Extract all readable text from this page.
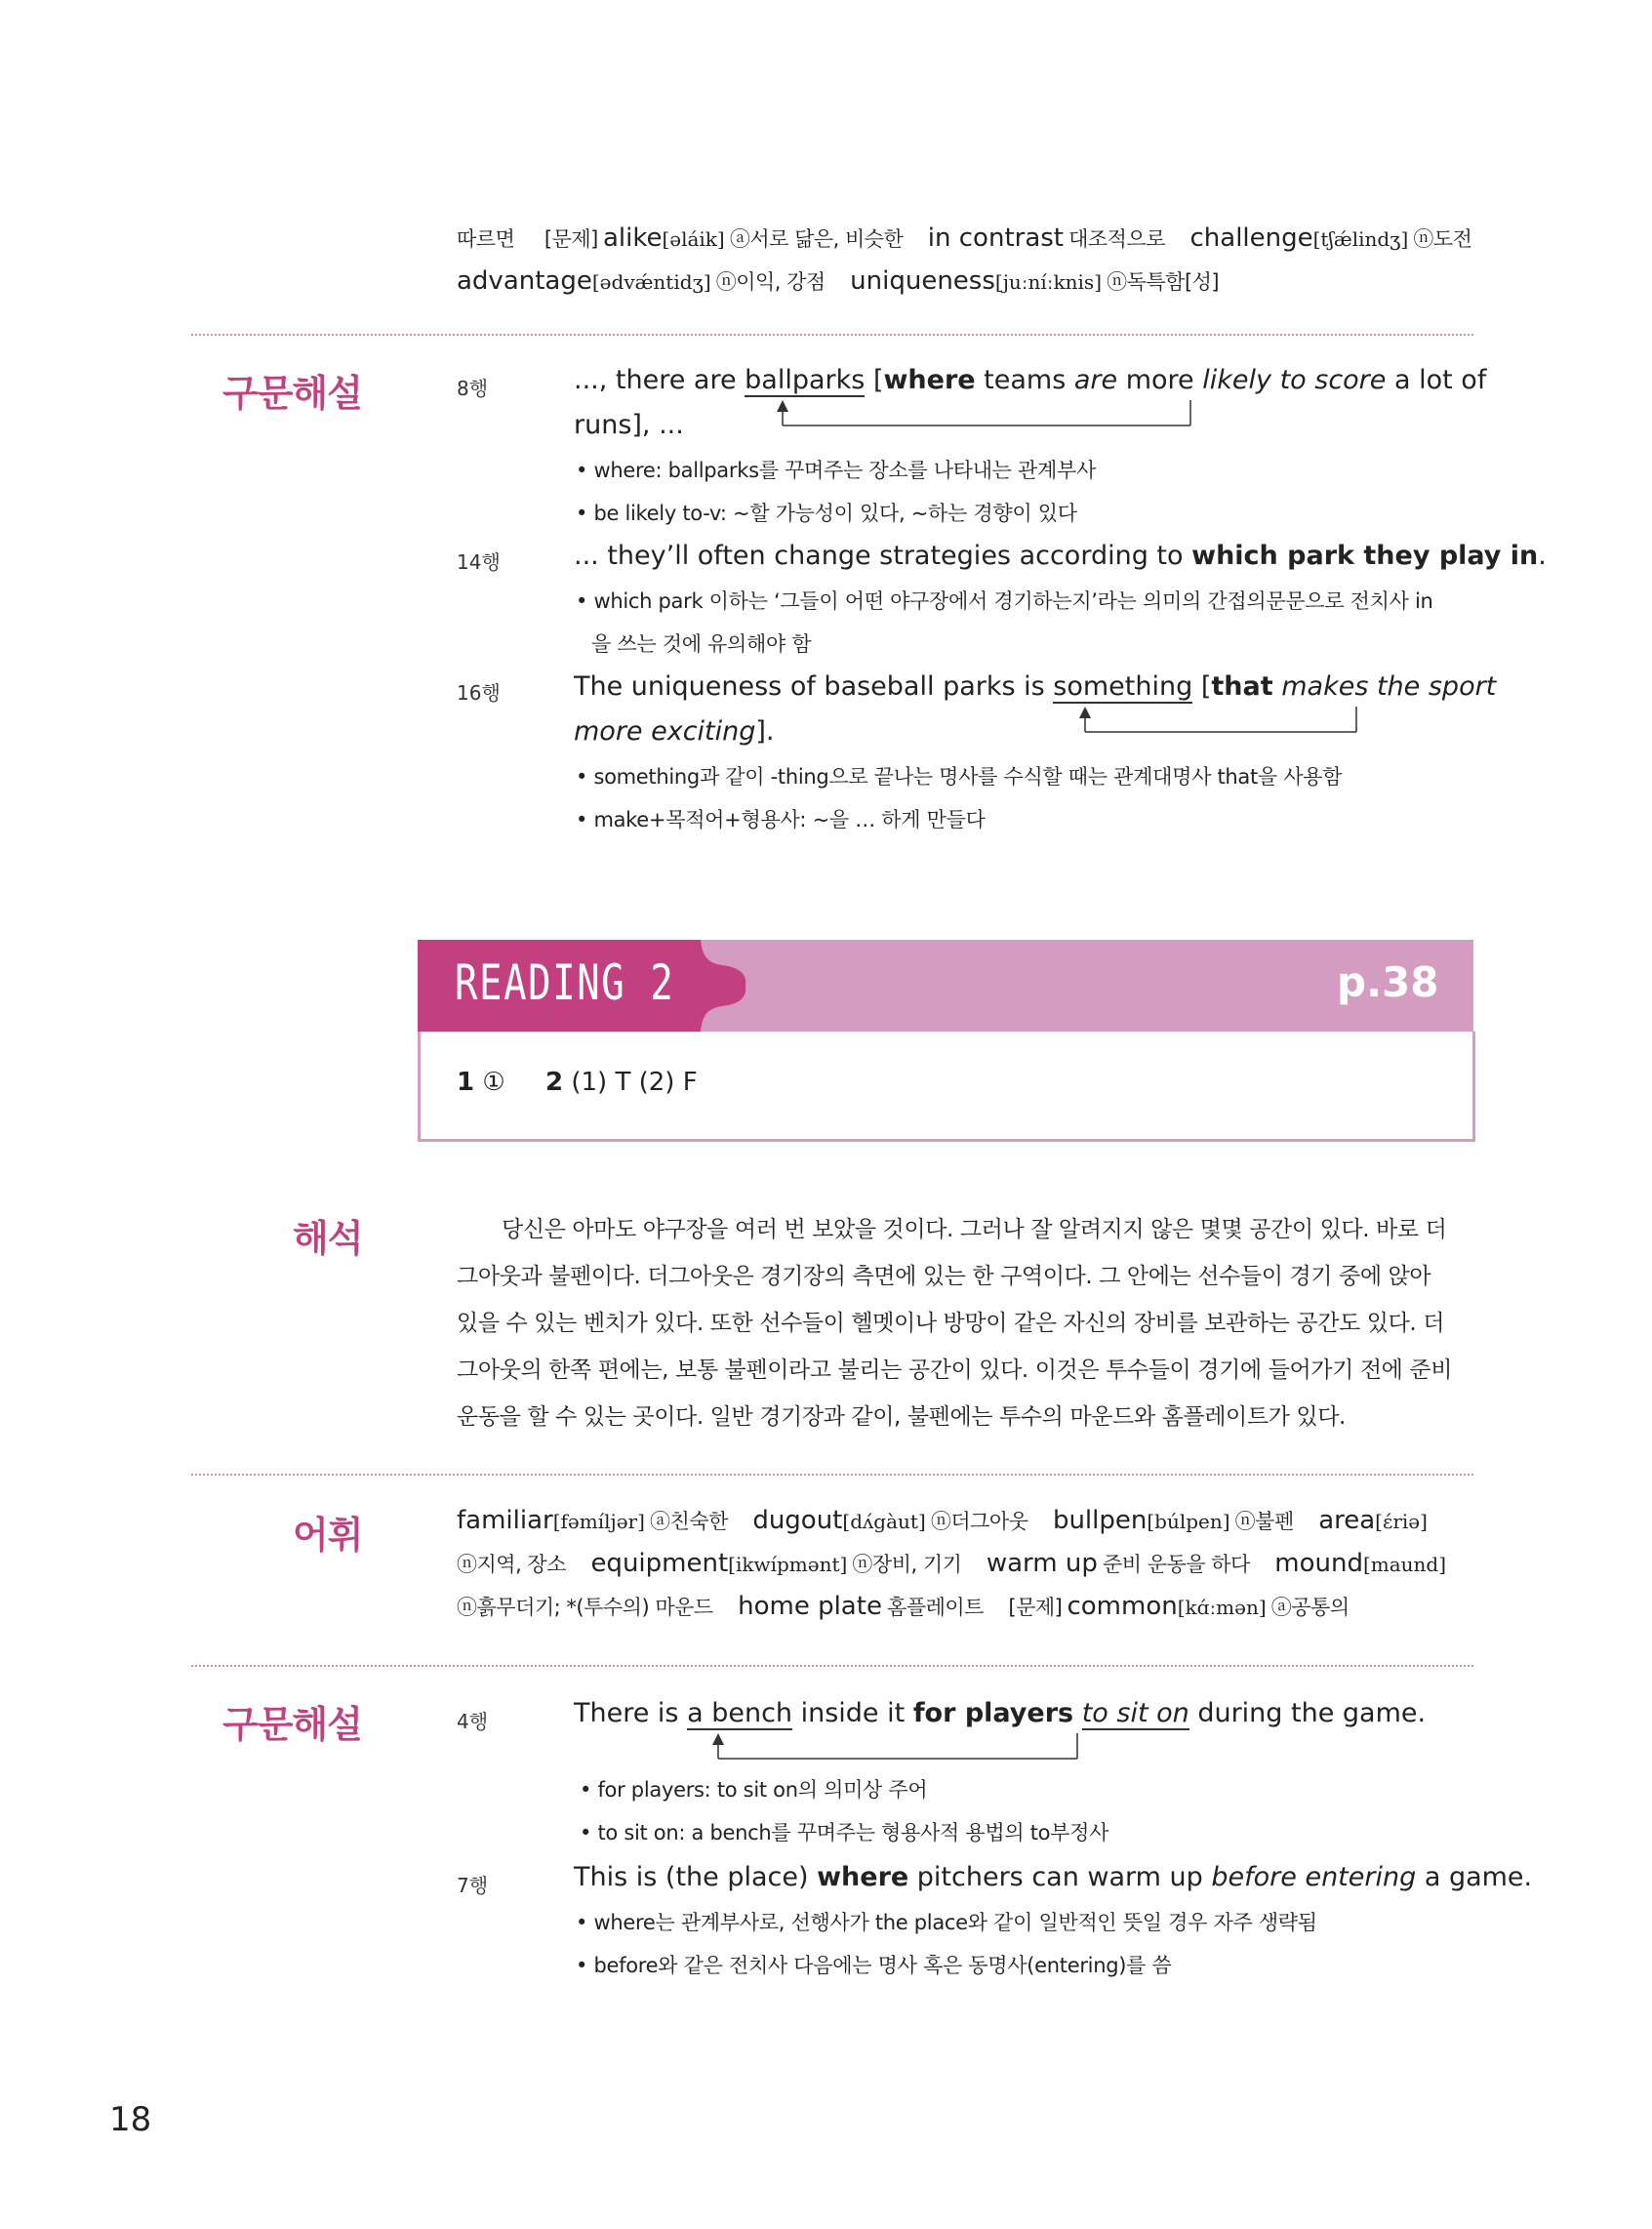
따르면 [문제] alike[əláik] ⓐ서로 닮은, 비슷한 in contrast 대조적으로 challenge[tʃǽlindʒ] ⓝ도전
advantage[ədvǽntidʒ] ⓝ이익, 강점 uniqueness[juːníːknis] ⓝ독특함[성]
구문해설	8행	..., there are ballparks [where teams are more likely to score a lot of
runs], ...
• where: ballparks를 꾸며주는 장소를 나타내는 관계부사
• be likely to-v: ~할 가능성이 있다, ~하는 경향이 있다
14행	... they’ll often change strategies according to which park they play in.
• which park 이하는 ‘그들이 어떤 야구장에서 경기하는지’라는 의미의 간접의문문으로 전치사 in
을 쓰는 것에 유의해야 함
16행	The uniqueness of baseball parks is something [that makes the sport
more exciting].
• something과 같이 -thing으로 끝나는 명사를 수식할 때는 관계대명사 that을 사용함
• make+목적어+형용사: ~을 … 하게 만들다
READING 2	p.38
1 ① 2 (1) T (2) F
해석	당신은 아마도 야구장을 여러 번 보았을 것이다. 그러나 잘 알려지지 않은 몇몇 공간이 있다. 바로 더
그아웃과 불펜이다. 더그아웃은 경기장의 측면에 있는 한 구역이다. 그 안에는 선수들이 경기 중에 앉아
있을 수 있는 벤치가 있다. 또한 선수들이 헬멧이나 방망이 같은 자신의 장비를 보관하는 공간도 있다. 더
그아웃의 한쪽 편에는, 보통 불펜이라고 불리는 공간이 있다. 이것은 투수들이 경기에 들어가기 전에 준비
운동을 할 수 있는 곳이다. 일반 경기장과 같이, 불펜에는 투수의 마운드와 홈플레이트가 있다.
어휘	familiar[fəmíljər] ⓐ친숙한 dugout[dʌ́gàut] ⓝ더그아웃 bullpen[búlpen] ⓝ불펜 area[ɛ́riə]
ⓝ지역, 장소 equipment[ikwípmənt] ⓝ장비, 기기 warm up 준비 운동을 하다 mound[maund]
ⓝ흙무더기; *(투수의) 마운드 home plate 홈플레이트 [문제] common[kɑ́ːmən] ⓐ공통의
구문해설	4행	There is a bench inside it for players to sit on during the game.
• for players: to sit on의 의미상 주어
• to sit on: a bench를 꾸며주는 형용사적 용법의 to부정사
7행	This is (the place) where pitchers can warm up before entering a game.
• where는 관계부사로, 선행사가 the place와 같이 일반적인 뜻일 경우 자주 생략됨
• before와 같은 전치사 다음에는 명사 혹은 동명사(entering)를 씀
18
